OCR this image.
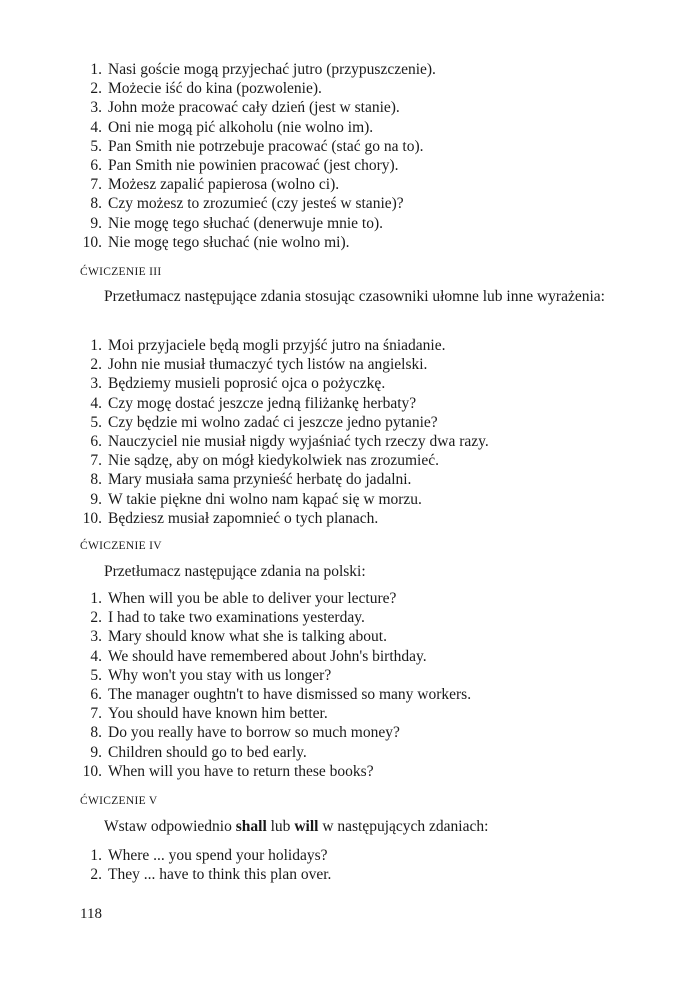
1. Nasi goście mogą przyjechać jutro (przypuszczenie).
2. Możecie iść do kina (pozwolenie).
3. John może pracować cały dzień (jest w stanie).
4. Oni nie mogą pić alkoholu (nie wolno im).
5. Pan Smith nie potrzebuje pracować (stać go na to).
6. Pan Smith nie powinien pracować (jest chory).
7. Możesz zapalić papierosa (wolno ci).
8. Czy możesz to zrozumieć (czy jesteś w stanie)?
9. Nie mogę tego słuchać (denerwuje mnie to).
10. Nie mogę tego słuchać (nie wolno mi).
ĆWICZENIE III
Przetłumacz następujące zdania stosując czasowniki ułomne lub inne wyrażenia:
1. Moi przyjaciele będą mogli przyjść jutro na śniadanie.
2. John nie musiał tłumaczyć tych listów na angielski.
3. Będziemy musieli poprosić ojca o pożyczkę.
4. Czy mogę dostać jeszcze jedną filiżankę herbaty?
5. Czy będzie mi wolno zadać ci jeszcze jedno pytanie?
6. Nauczyciel nie musiał nigdy wyjaśniać tych rzeczy dwa razy.
7. Nie sądzę, aby on mógł kiedykolwiek nas zrozumieć.
8. Mary musiała sama przynieść herbatę do jadalni.
9. W takie piękne dni wolno nam kąpać się w morzu.
10. Będziesz musiał zapomnieć o tych planach.
ĆWICZENIE IV
Przetłumacz następujące zdania na polski:
1. When will you be able to deliver your lecture?
2. I had to take two examinations yesterday.
3. Mary should know what she is talking about.
4. We should have remembered about John's birthday.
5. Why won't you stay with us longer?
6. The manager oughtn't to have dismissed so many workers.
7. You should have known him better.
8. Do you really have to borrow so much money?
9. Children should go to bed early.
10. When will you have to return these books?
ĆWICZENIE V
Wstaw odpowiednio shall lub will w następujących zdaniach:
1. Where ... you spend your holidays?
2. They ... have to think this plan over.
118
